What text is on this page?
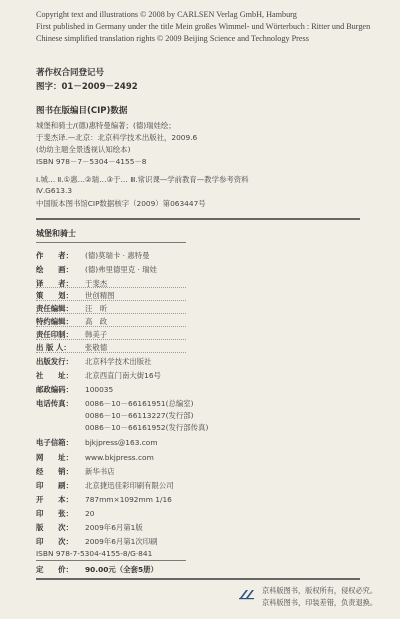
Copyright text and illustrations © 2008 by CARLSEN Verlag GmbH, Hamburg
First published in Germany under the title Mein großes Wimmel- und Wörterbuch : Ritter und Burgen
Chinese simplified translation rights © 2009 Beijing Science and Technology Press
著作权合同登记号
图字：01－2009－2492
图书在版编目(CIP)数据
城堡和骑士/(德)惠特曼编著；(德)瑞娃绘；
于斐杰译.—北京：北京科学技术出版社，2009.6
(幼幼主题全景透视认知绘本)
ISBN 978－7－5304－4155－8
Ⅰ.城… Ⅱ.①惠…②瑞…③于… Ⅲ.常识课—学前教育—教学参考资料
Ⅳ.G613.3
中国版本图书馆CIP数据核字（2009）第063447号
城堡和骑士
作　　者： (德)莫瑞卡 · 惠特曼
绘　　画： (德)弗里德里克 · 瑞娃
译　　者： 于斐杰
策　　划： 世创精图
责任编辑： 汪　昕
特约编辑： 高　政
责任印制： 韩美子
出 版 人： 张敬德
出版发行： 北京科学技术出版社
社　　址： 北京西直门南大街16号
邮政编码： 100035
电话传真： 0086－10－66161951(总编室)
0086－10－66113227(发行部)
0086－10－66161952(发行部传真)
电子信箱： bjkjpress@163.com
网　　址： www.bkjpress.com
经　　销： 新华书店
印　　刷： 北京捷迅佳彩印刷有限公司
开　　本： 787mm×1092mm 1/16
印　　张： 20
版　　次： 2009年6月第1版
印　　次： 2009年6月第1次印刷
ISBN 978-7-5304-4155-8/G·841
定　　价： 90.00元（全套5册）
京科版图书，版权所有，侵权必究。
京科版图书，印装差错，负责退换。
